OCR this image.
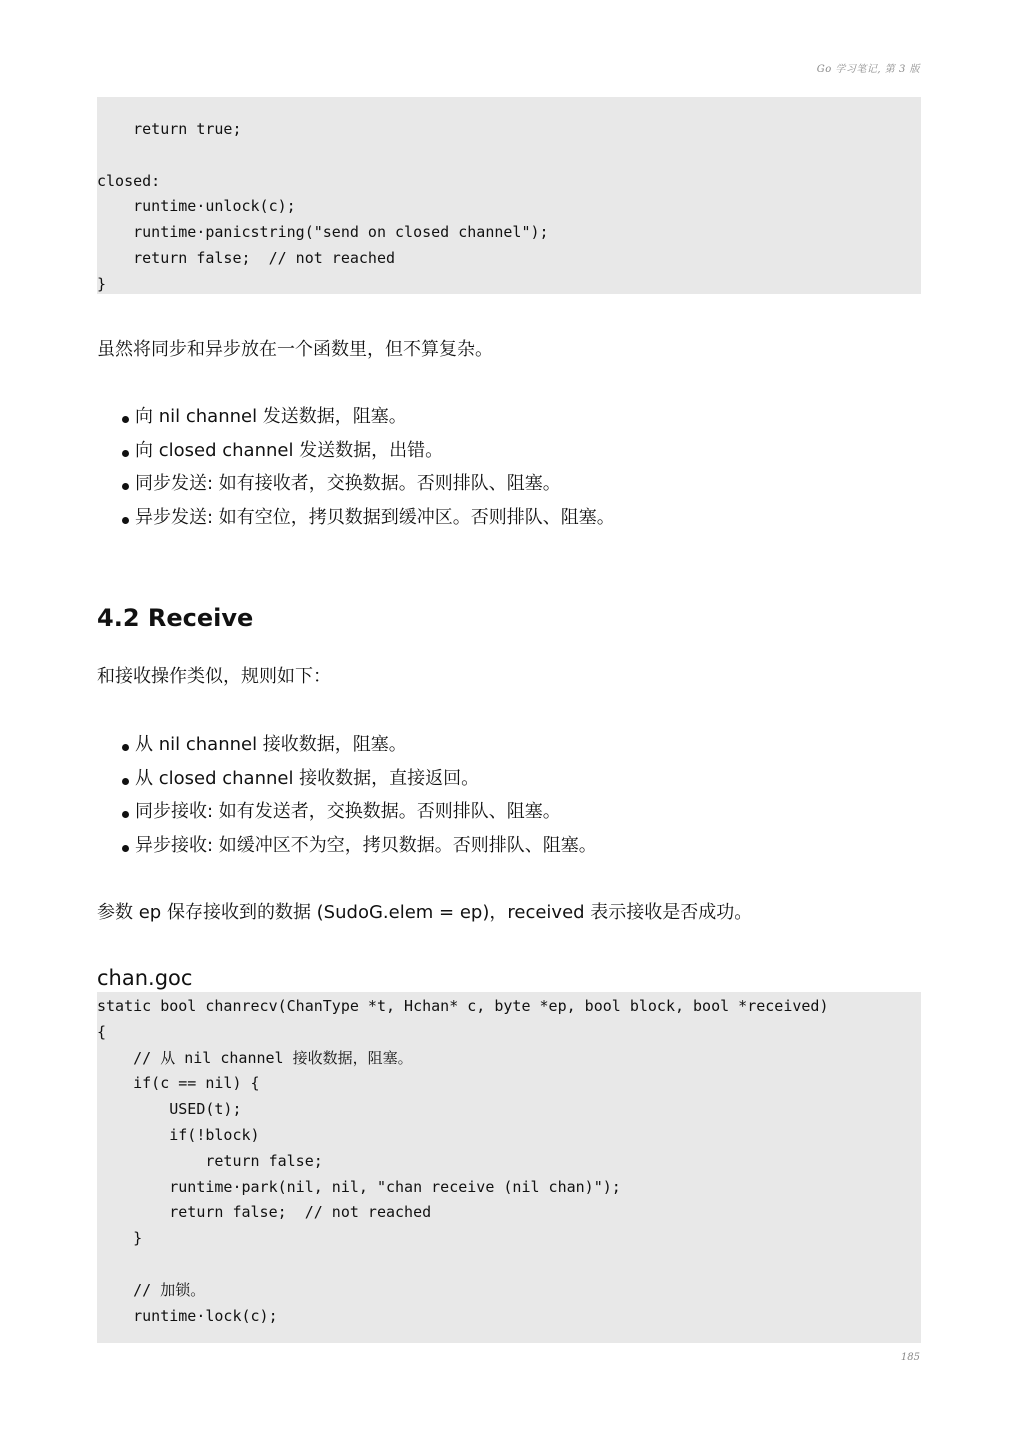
Go 学习笔记, 第 3 版
return true;
closed:
runtime·unlock(c);
runtime·panicstring("send on closed channel");
return false;  // not reached
}
虽然将同步和异步放在一个函数里，但不算复杂。
向 nil channel 发送数据，阻塞。
向 closed channel 发送数据，出错。
同步发送: 如有接收者，交换数据。否则排队、阻塞。
异步发送: 如有空位，拷贝数据到缓冲区。否则排队、阻塞。
4.2 Receive
和接收操作类似，规则如下：
从 nil channel 接收数据，阻塞。
从 closed channel 接收数据，直接返回。
同步接收: 如有发送者，交换数据。否则排队、阻塞。
异步接收: 如缓冲区不为空，拷贝数据。否则排队、阻塞。
参数 ep 保存接收到的数据 (SudoG.elem = ep)，received 表示接收是否成功。
chan.goc
static bool chanrecv(ChanType *t, Hchan* c, byte *ep, bool block, bool *received)
{
// 从 nil channel 接收数据，阻塞。
if(c == nil) {
USED(t);
if(!block)
return false;
runtime·park(nil, nil, "chan receive (nil chan)");
return false;  // not reached
}
// 加锁。
runtime·lock(c);
185
